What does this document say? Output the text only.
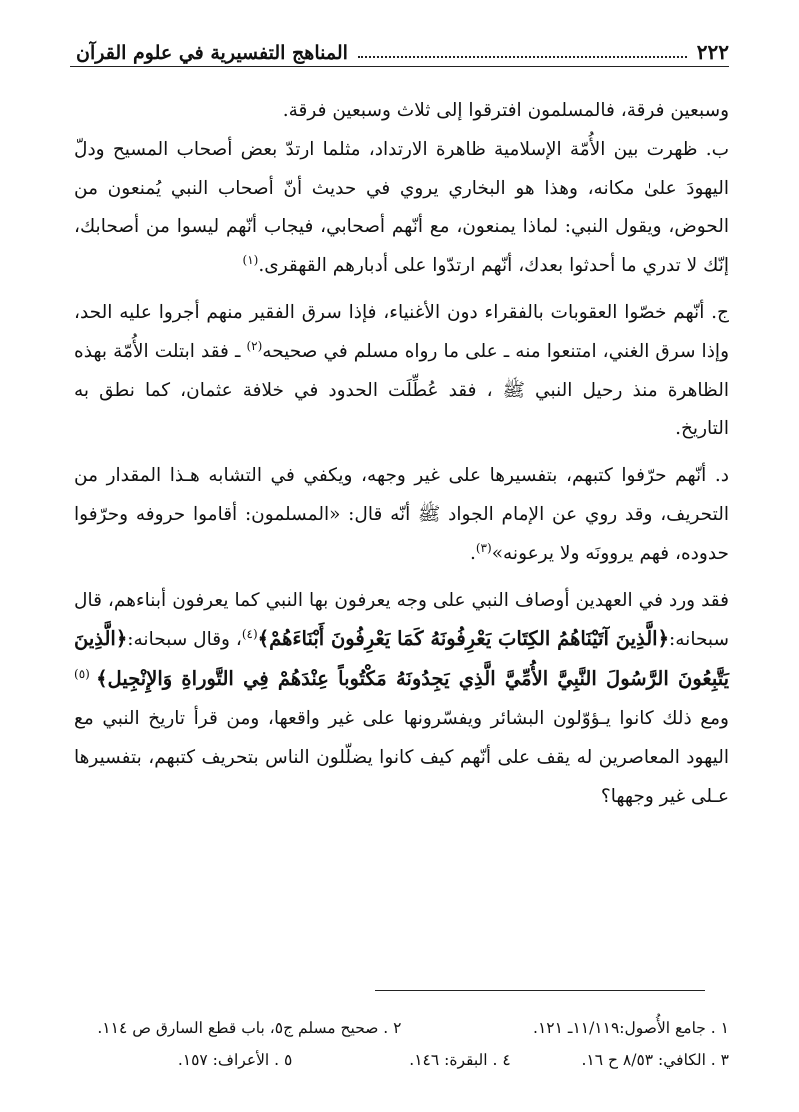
٢٢٢
المناهج التفسيرية في علوم القرآن

وسبعين فرقة، فالمسلمون افترقوا إلى ثلاث وسبعين فرقة.

ب. ظهرت بين الأُمّة الإسلامية ظاهرة الارتداد، مثلما ارتدّ بعض أصحاب المسيح ودلّ اليهودَ علىٰ مكانه، وهذا هو البخاري يروي في حديث أنّ أصحاب النبي يُمنعون من الحوض، ويقول النبي: لماذا يمنعون، مع أنّهم أصحابي، فيجاب أنّهم ليسوا من أصحابك، إنّك لا تدري ما أحدثوا بعدك، أنّهم ارتدّوا على أدبارهم القهقرى.$^{(١)}$

ج. أنّهم خصّوا العقوبات بالفقراء دون الأغنياء، فإذا سرق الفقير منهم أجروا عليه الحد، وإذا سرق الغني، امتنعوا منه ـ على ما رواه مسلم في صحيحه$^{(٢)}$ ـ فقد ابتلت الأُمّة بهذه الظاهرة منذ رحيل النبي ﷺ ، فقد عُطِّلَت الحدود في خلافة عثمان، كما نطق به التاريخ.

د. أنّهم حرّفوا كتبهم، بتفسيرها على غير وجهه، ويكفي في التشابه هـذا المقدار من التحريف، وقد روي عن الإمام الجواد ﷺ أنّه قال: «المسلمون: أقاموا حروفه وحرّفوا حدوده، فهم يروونَه ولا يرعونه»$^{(٣)}$.

فقد ورد في العهدين أوصاف النبي على وجه يعرفون بها النبي كما يعرفون أبناءهم، قال سبحانه:﴿الَّذِينَ آتَيْنَاهُمُ الكِتَابَ يَعْرِفُونَهُ كَمَا يَعْرِفُونَ أَبْنَاءَهُمْ﴾$^{(٤)}$، وقال سبحانه:﴿الَّذِينَ يَتَّبِعُونَ الرَّسُولَ النَّبِيَّ الأُمِّيَّ الَّذِي يَجِدُونَهُ مَكْتُوباً عِنْدَهُمْ فِي التَّوراةِ وَالإِنْجِيل﴾ $^{(٥)}$ ومع ذلك كانوا يـؤوّلون البشائر ويفسّرونها على غير واقعها، ومن قرأ تاريخ النبي مع اليهود المعاصرين له يقف على أنّهم كيف كانوا يضلّلون الناس بتحريف كتبهم، بتفسيرها عـلى غير وجهها؟

١ . جامع الأُصول:١١/١١٩ـ ١٢١.
٢ . صحيح مسلم ج٥، باب قطع السارق ص ١١٤.
٣ . الكافي: ٨/٥٣ ح ١٦.
٤ . البقرة: ١٤٦.
٥ . الأعراف: ١٥٧.
